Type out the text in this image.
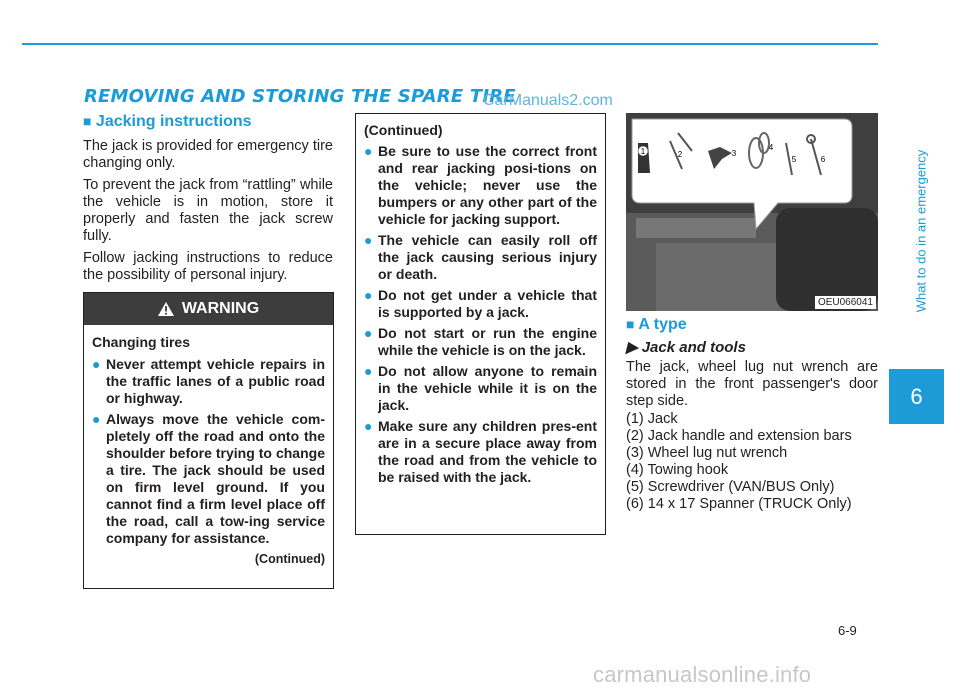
REMOVING AND STORING THE SPARE TIRE
CarManuals2.com
■ Jacking instructions

The jack is provided for emergency tire changing only.

To prevent the jack from “rattling” while the vehicle is in motion, store it properly and fasten the jack screw fully.

Follow jacking instructions to reduce the possibility of personal injury.

WARNING

Changing tires

● Never attempt vehicle repairs in the traffic lanes of a public road or highway.
● Always move the vehicle com-pletely off the road and onto the shoulder before trying to change a tire. The jack should be used on firm level ground. If you cannot find a firm level place off the road, call a tow-ing service company for assistance.
(Continued)

(Continued)

● Be sure to use the correct front and rear jacking posi-tions on the vehicle; never use the bumpers or any other part of the vehicle for jacking support.
● The vehicle can easily roll off the jack causing serious injury or death.
● Do not get under a vehicle that is supported by a jack.
● Do not start or run the engine while the vehicle is on the jack.
● Do not allow anyone to remain in the vehicle while it is on the jack.
● Make sure any children pres-ent are in a secure place away from the road and from the vehicle to be raised with the jack.
1	2	3
4
5	6
OEU066041
■ A type
▶ Jack and tools

The jack, wheel lug nut wrench are stored in the front passenger's door step side.

(1) Jack
(2) Jack handle and extension bars
(3) Wheel lug nut wrench
(4) Towing hook
(5) Screwdriver (VAN/BUS Only)
(6) 14 x 17 Spanner (TRUCK Only)
What to do in an emergency
6
6-9
carmanualsonline.info
